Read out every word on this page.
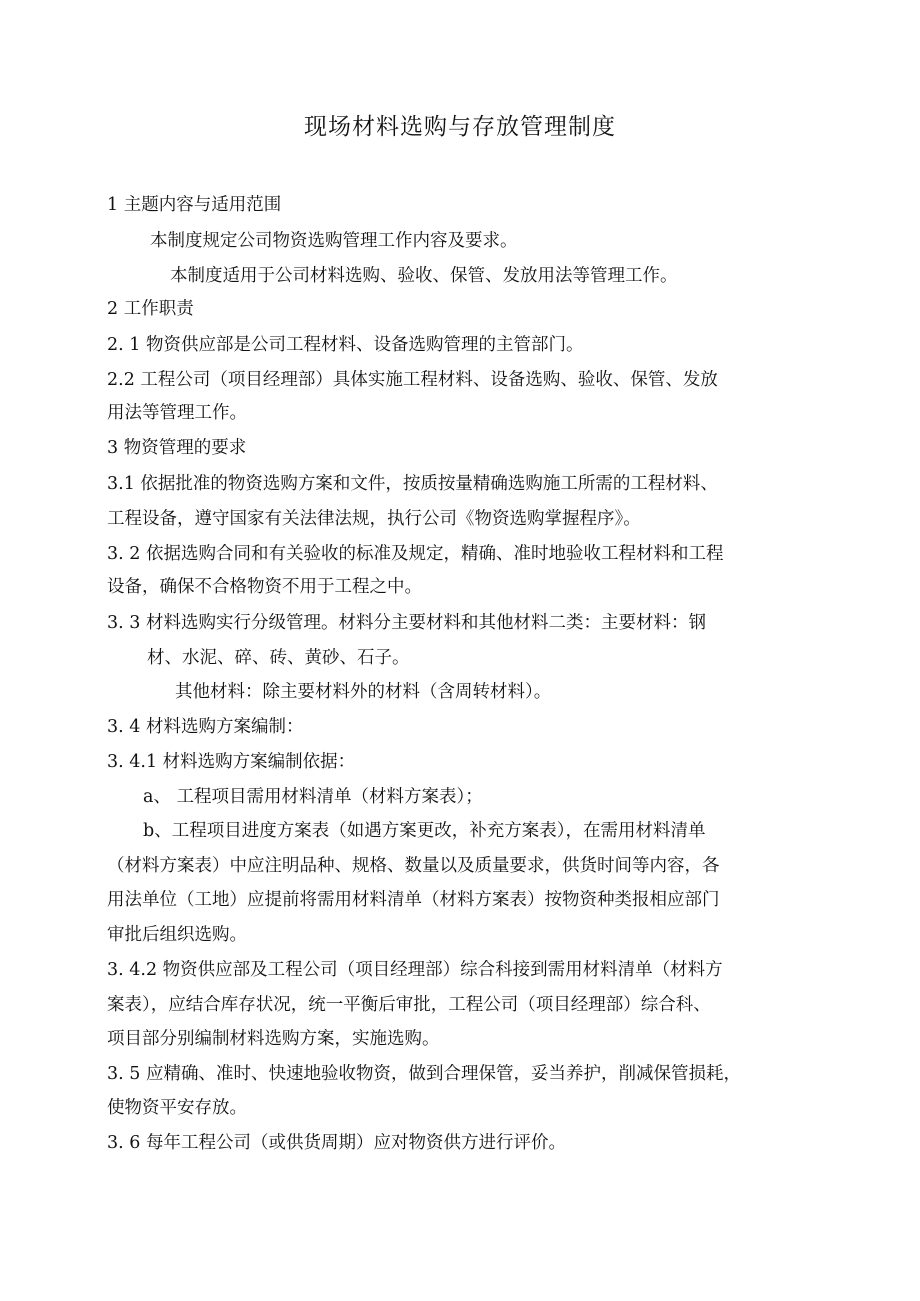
现场材料选购与存放管理制度
1 主题内容与适用范围
本制度规定公司物资选购管理工作内容及要求。
本制度适用于公司材料选购、验收、保管、发放用法等管理工作。
2 工作职责
2. 1 物资供应部是公司工程材料、设备选购管理的主管部门。
2.2 工程公司（项目经理部）具体实施工程材料、设备选购、验收、保管、发放
用法等管理工作。
3 物资管理的要求
3.1 依据批准的物资选购方案和文件，按质按量精确选购施工所需的工程材料、
工程设备，遵守国家有关法律法规，执行公司《物资选购掌握程序》。
3. 2 依据选购合同和有关验收的标准及规定，精确、准时地验收工程材料和工程
设备，确保不合格物资不用于工程之中。
3. 3 材料选购实行分级管理。材料分主要材料和其他材料二类：主要材料：钢
材、水泥、碎、砖、黄砂、石子。
其他材料：除主要材料外的材料（含周转材料）。
3. 4 材料选购方案编制：
3. 4.1 材料选购方案编制依据：
a、 工程项目需用材料清单（材料方案表）；
b、工程项目进度方案表（如遇方案更改，补充方案表），在需用材料清单
（材料方案表）中应注明品种、规格、数量以及质量要求，供货时间等内容，各
用法单位（工地）应提前将需用材料清单（材料方案表）按物资种类报相应部门
审批后组织选购。
3. 4.2 物资供应部及工程公司（项目经理部）综合科接到需用材料清单（材料方
案表），应结合库存状况，统一平衡后审批，工程公司（项目经理部）综合科、
项目部分别编制材料选购方案，实施选购。
3. 5 应精确、准时、快速地验收物资，做到合理保管，妥当养护，削减保管损耗，
使物资平安存放。
3. 6 每年工程公司（或供货周期）应对物资供方进行评价。
